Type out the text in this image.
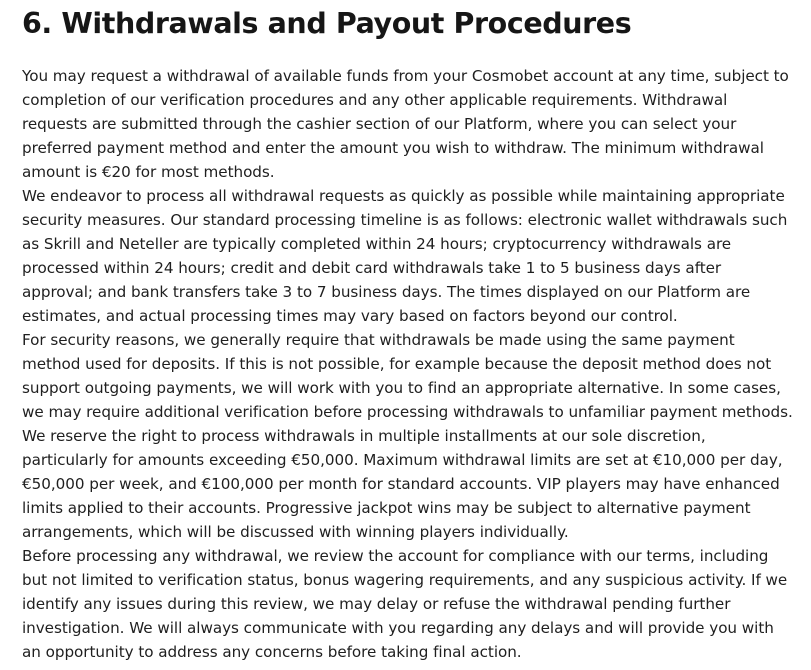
6. Withdrawals and Payout Procedures

You may request a withdrawal of available funds from your Cosmobet account at any time, subject to completion of our verification procedures and any other applicable requirements. Withdrawal requests are submitted through the cashier section of our Platform, where you can select your preferred payment method and enter the amount you wish to withdraw. The minimum withdrawal amount is €20 for most methods.

We endeavor to process all withdrawal requests as quickly as possible while maintaining appropriate security measures. Our standard processing timeline is as follows: electronic wallet withdrawals such as Skrill and Neteller are typically completed within 24 hours; cryptocurrency withdrawals are processed within 24 hours; credit and debit card withdrawals take 1 to 5 business days after approval; and bank transfers take 3 to 7 business days. The times displayed on our Platform are estimates, and actual processing times may vary based on factors beyond our control.

For security reasons, we generally require that withdrawals be made using the same payment method used for deposits. If this is not possible, for example because the deposit method does not support outgoing payments, we will work with you to find an appropriate alternative. In some cases, we may require additional verification before processing withdrawals to unfamiliar payment methods.

We reserve the right to process withdrawals in multiple installments at our sole discretion, particularly for amounts exceeding €50,000. Maximum withdrawal limits are set at €10,000 per day, €50,000 per week, and €100,000 per month for standard accounts. VIP players may have enhanced limits applied to their accounts. Progressive jackpot wins may be subject to alternative payment arrangements, which will be discussed with winning players individually.

Before processing any withdrawal, we review the account for compliance with our terms, including but not limited to verification status, bonus wagering requirements, and any suspicious activity. If we identify any issues during this review, we may delay or refuse the withdrawal pending further investigation. We will always communicate with you regarding any delays and will provide you with an opportunity to address any concerns before taking final action.
